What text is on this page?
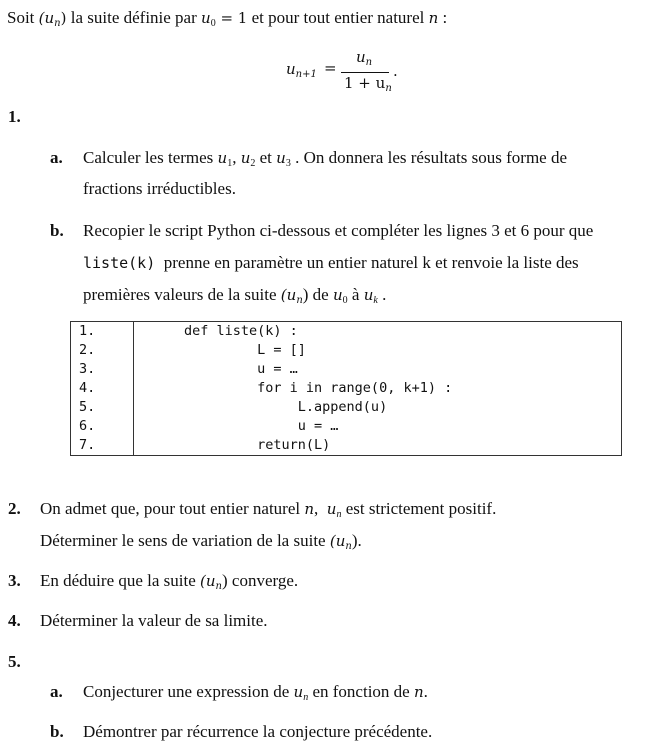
Soit $(u_n)$ la suite définie par $u_0 = 1$ et pour tout entier naturel n :
$u_{n+1}$ =
$u_n$
$1 + u_n$
.
1.
a. Calculer les termes $u_1$, $u_2$ et $u_3$ . On donnera les résultats sous forme de
fractions irréductibles.
b. Recopier le script Python ci-dessous et compléter les lignes 3 et 6 pour que
liste(k)  prenne en paramètre un entier naturel k et renvoie la liste des
premières valeurs de la suite $(u_n)$ de $u_0$ à $u_k$ .
1.	def liste(k) :
2.	L = []
3.	u = …
4.	for i in range(0, k+1) :
5.	L.append(u)
6.	u = …
7.	return(L)
2. On admet que, pour tout entier naturel n,  $u_n$ est strictement positif.
Déterminer le sens de variation de la suite $(u_n)$.
3. En déduire que la suite $(u_n)$ converge.
4. Déterminer la valeur de sa limite.
5.
a. Conjecturer une expression de $u_n$ en fonction de n.
b. Démontrer par récurrence la conjecture précédente.
